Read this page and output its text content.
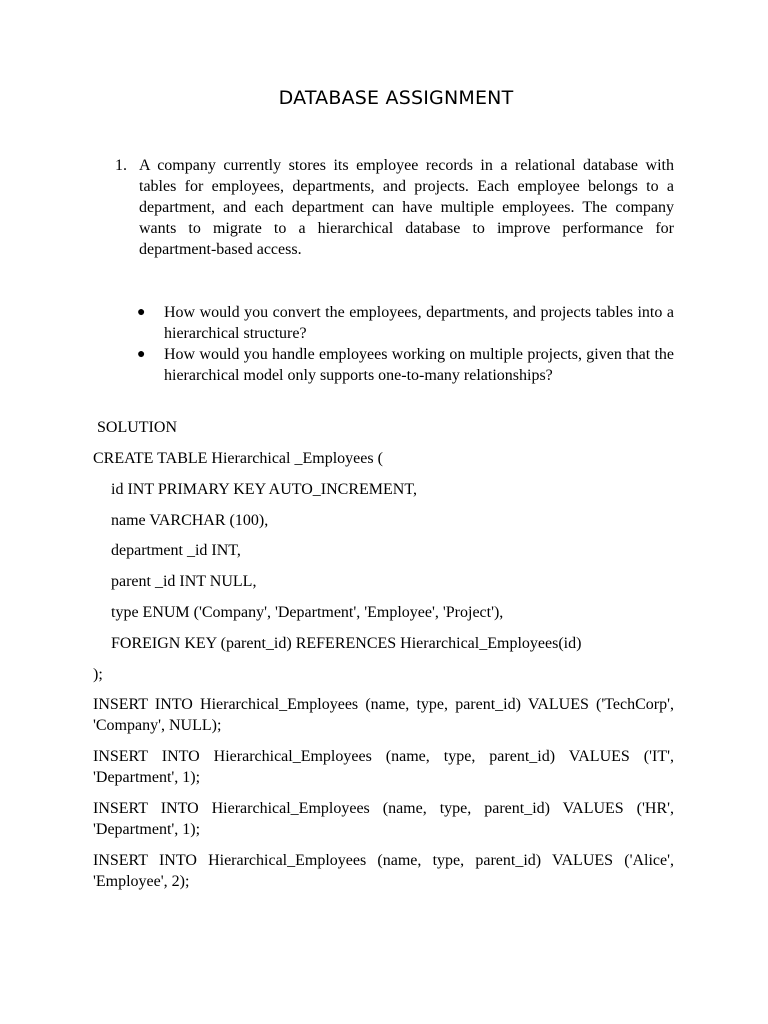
DATABASE ASSIGNMENT
1. A company currently stores its employee records in a relational database with tables for employees, departments, and projects. Each employee belongs to a department, and each department can have multiple employees. The company wants to migrate to a hierarchical database to improve performance for department-based access.
●	How would you convert the employees, departments, and projects tables into a hierarchical structure?
●	How would you handle employees working on multiple projects, given that the hierarchical model only supports one-to-many relationships?
SOLUTION
CREATE TABLE Hierarchical _Employees (
id INT PRIMARY KEY AUTO_INCREMENT,
name VARCHAR (100),
department _id INT,
parent _id INT NULL,
type ENUM ('Company', 'Department', 'Employee', 'Project'),
FOREIGN KEY (parent_id) REFERENCES Hierarchical_Employees(id)
);
INSERT INTO Hierarchical_Employees (name, type, parent_id) VALUES ('TechCorp', 'Company', NULL);
INSERT INTO Hierarchical_Employees (name, type, parent_id) VALUES ('IT', 'Department', 1);
INSERT INTO Hierarchical_Employees (name, type, parent_id) VALUES ('HR', 'Department', 1);
INSERT INTO Hierarchical_Employees (name, type, parent_id) VALUES ('Alice', 'Employee', 2);
